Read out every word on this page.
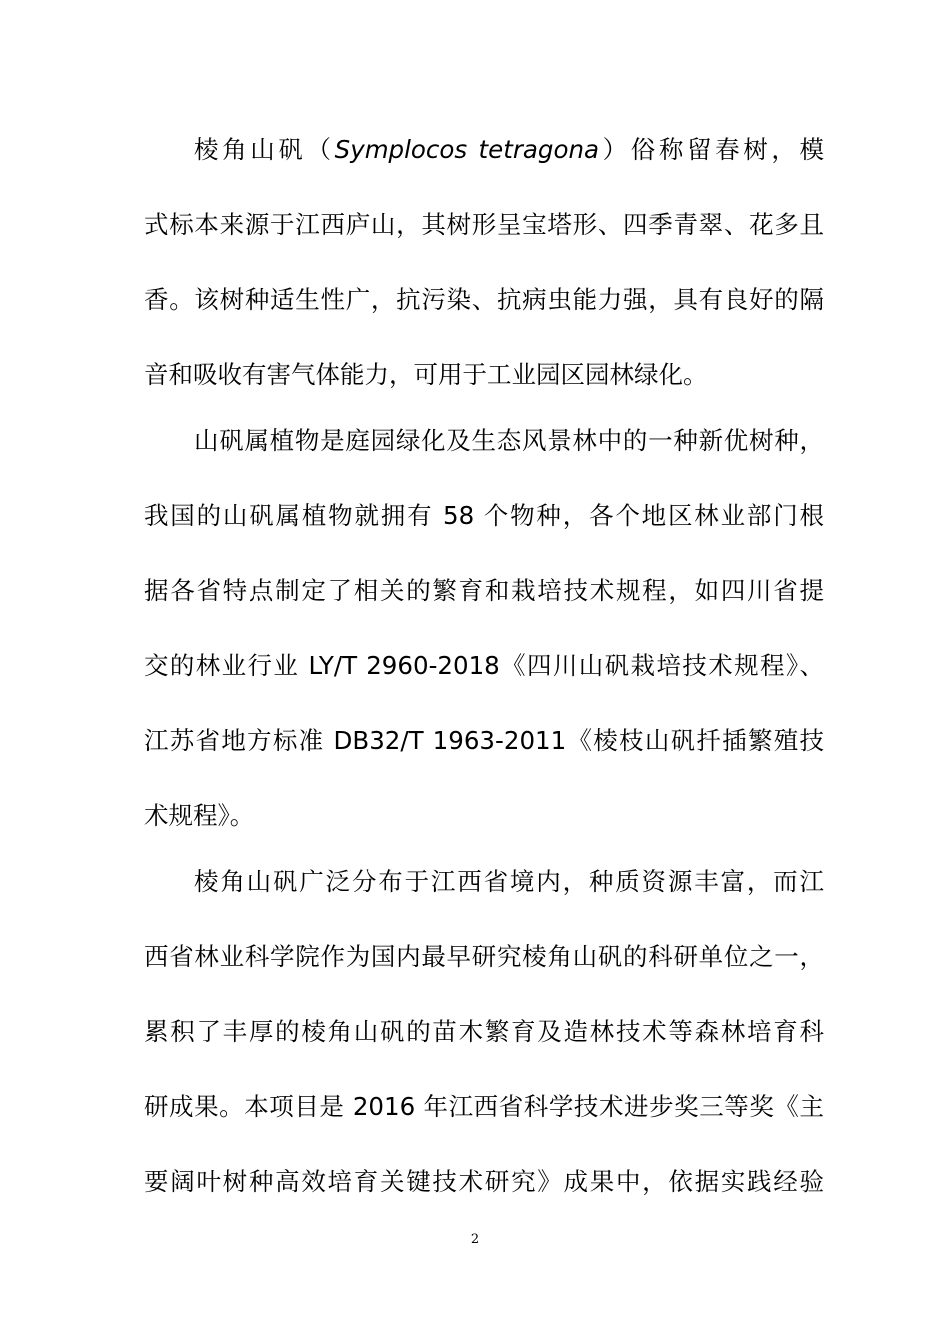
棱角山矾（Symplocos tetragona）俗称留春树，模
式标本来源于江西庐山，其树形呈宝塔形、四季青翠、花多且
香。该树种适生性广，抗污染、抗病虫能力强，具有良好的隔
音和吸收有害气体能力，可用于工业园区园林绿化。
山矾属植物是庭园绿化及生态风景林中的一种新优树种，
我国的山矾属植物就拥有 58 个物种，各个地区林业部门根
据各省特点制定了相关的繁育和栽培技术规程，如四川省提
交的林业行业 LY/T 2960-2018《四川山矾栽培技术规程》、
江苏省地方标准 DB32/T 1963-2011《棱枝山矾扦插繁殖技
术规程》。
棱角山矾广泛分布于江西省境内，种质资源丰富，而江
西省林业科学院作为国内最早研究棱角山矾的科研单位之一，
累积了丰厚的棱角山矾的苗木繁育及造林技术等森林培育科
研成果。本项目是 2016 年江西省科学技术进步奖三等奖《主
要阔叶树种高效培育关键技术研究》成果中，依据实践经验
2
